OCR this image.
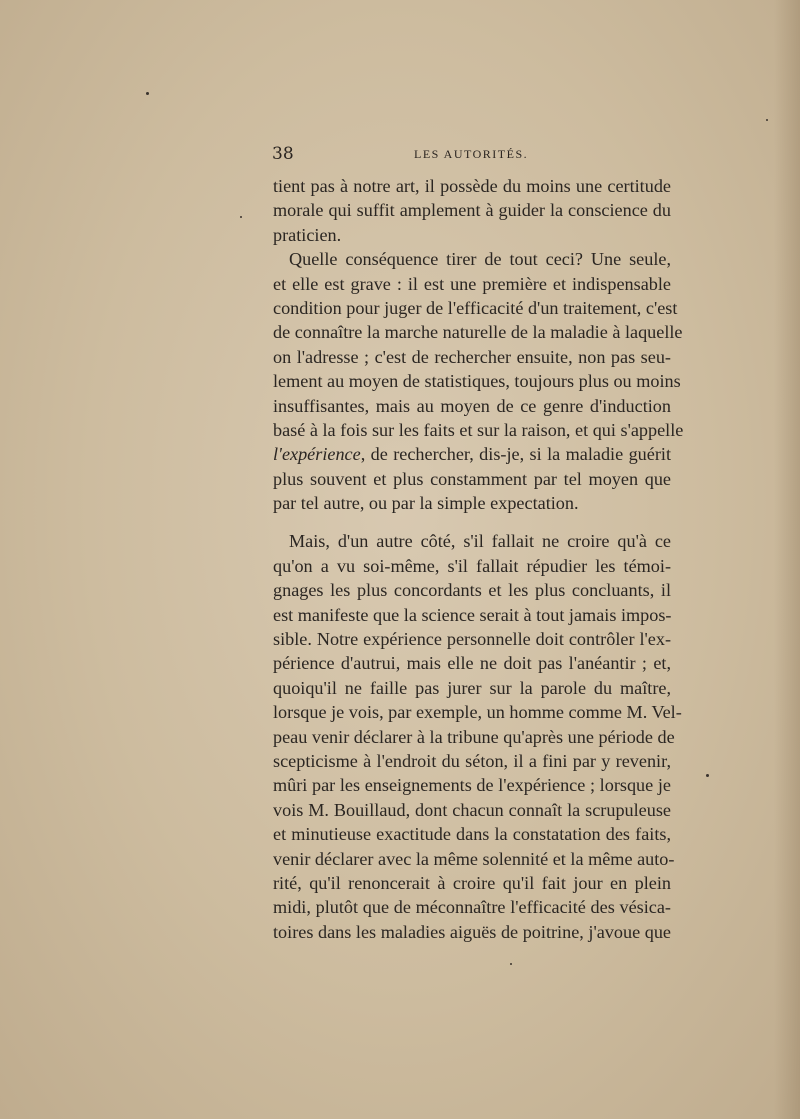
38	LES AUTORITÉS.
tient pas à notre art, il possède du moins une certitude
morale qui suffit amplement à guider la conscience du
praticien.
Quelle conséquence tirer de tout ceci? Une seule,
et elle est grave : il est une première et indispensable
condition pour juger de l'efficacité d'un traitement, c'est
de connaître la marche naturelle de la maladie à laquelle
on l'adresse ; c'est de rechercher ensuite, non pas seu-
lement au moyen de statistiques, toujours plus ou moins
insuffisantes, mais au moyen de ce genre d'induction
basé à la fois sur les faits et sur la raison, et qui s'appelle
l'expérience, de rechercher, dis-je, si la maladie guérit
plus souvent et plus constamment par tel moyen que
par tel autre, ou par la simple expectation.
Mais, d'un autre côté, s'il fallait ne croire qu'à ce
qu'on a vu soi-même, s'il fallait répudier les témoi-
gnages les plus concordants et les plus concluants, il
est manifeste que la science serait à tout jamais impos-
sible. Notre expérience personnelle doit contrôler l'ex-
périence d'autrui, mais elle ne doit pas l'anéantir ; et,
quoiqu'il ne faille pas jurer sur la parole du maître,
lorsque je vois, par exemple, un homme comme M. Vel-
peau venir déclarer à la tribune qu'après une période de
scepticisme à l'endroit du séton, il a fini par y revenir,
mûri par les enseignements de l'expérience ; lorsque je
vois M. Bouillaud, dont chacun connaît la scrupuleuse
et minutieuse exactitude dans la constatation des faits,
venir déclarer avec la même solennité et la même auto-
rité, qu'il renoncerait à croire qu'il fait jour en plein
midi, plutôt que de méconnaître l'efficacité des vésica-
toires dans les maladies aiguës de poitrine, j'avoue que
